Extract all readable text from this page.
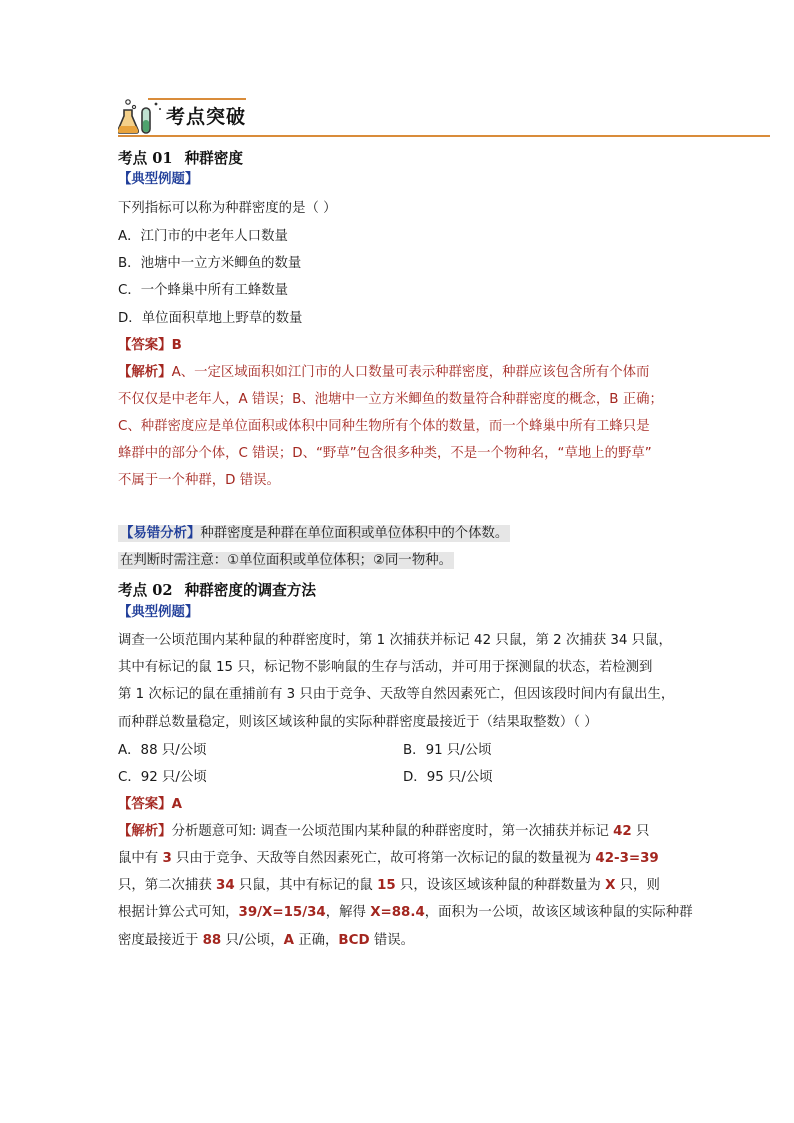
考点突破
考点 01 种群密度
【典型例题】
下列指标可以称为种群密度的是（ ）
A．江门市的中老年人口数量
B．池塘中一立方米鲫鱼的数量
C．一个蜂巢中所有工蜂数量
D．单位面积草地上野草的数量
【答案】B
【解析】A、一定区域面积如江门市的人口数量可表示种群密度，种群应该包含所有个体而
不仅仅是中老年人，A 错误；B、池塘中一立方米鲫鱼的数量符合种群密度的概念，B 正确；
C、种群密度应是单位面积或体积中同种生物所有个体的数量，而一个蜂巢中所有工蜂只是
蜂群中的部分个体，C 错误；D、“野草”包含很多种类，不是一个物种名，“草地上的野草”
不属于一个种群，D 错误。
【易错分析】种群密度是种群在单位面积或单位体积中的个体数。
在判断时需注意：①单位面积或单位体积；②同一物种。
考点 02 种群密度的调查方法
【典型例题】
调查一公顷范围内某种鼠的种群密度时，第 1 次捕获并标记 42 只鼠，第 2 次捕获 34 只鼠，
其中有标记的鼠 15 只，标记物不影响鼠的生存与活动，并可用于探测鼠的状态，若检测到
第 1 次标记的鼠在重捕前有 3 只由于竞争、天敌等自然因素死亡，但因该段时间内有鼠出生，
而种群总数量稳定，则该区域该种鼠的实际种群密度最接近于（结果取整数）（ ）
A．88 只/公顷	B．91 只/公顷
C．92 只/公顷	D．95 只/公顷
【答案】A
【解析】分析题意可知: 调查一公顷范围内某种鼠的种群密度时，第一次捕获并标记 42 只
鼠中有 3 只由于竞争、天敌等自然因素死亡，故可将第一次标记的鼠的数量视为 42-3=39
只，第二次捕获 34 只鼠，其中有标记的鼠 15 只，设该区域该种鼠的种群数量为 X 只，则
根据计算公式可知，39/X=15/34，解得 X=88.4，面积为一公顷，故该区域该种鼠的实际种群
密度最接近于 88 只/公顷，A 正确，BCD 错误。
